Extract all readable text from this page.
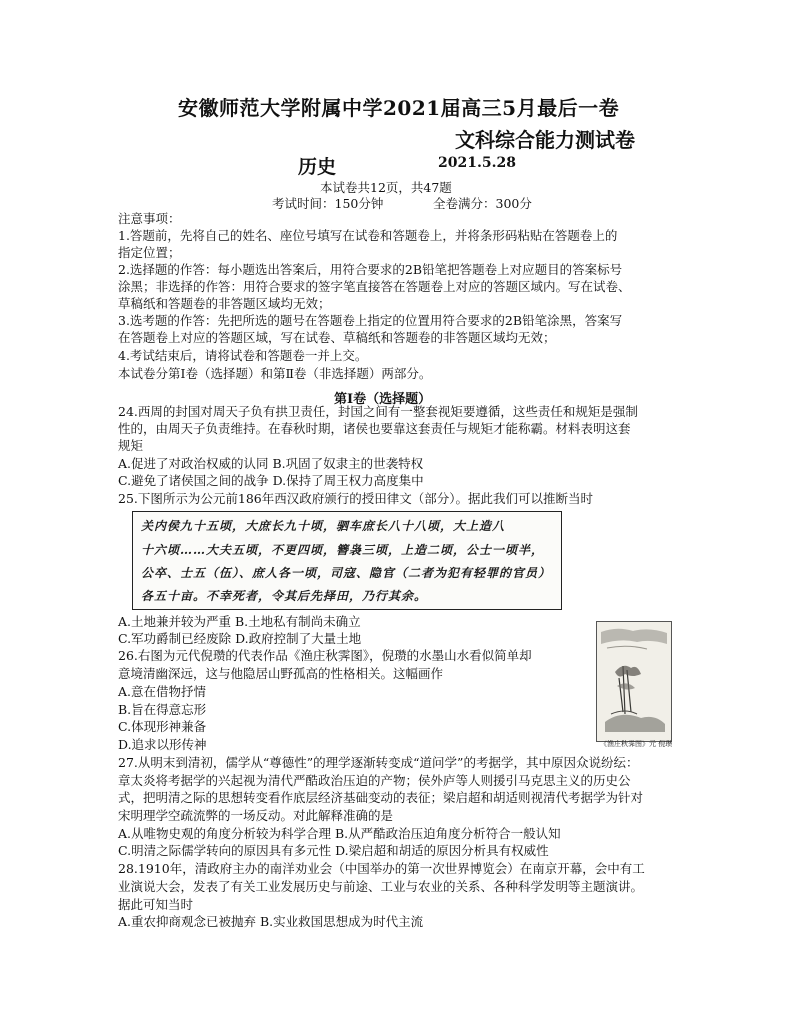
安徽师范大学附属中学2021届高三5月最后一卷
文科综合能力测试卷
历史	2021.5.28
本试卷共12页，共47题
考试时间：150分钟	全卷满分：300分
注意事项：
1.答题前，先将自己的姓名、座位号填写在试卷和答题卷上，并将条形码粘贴在答题卷上的
指定位置；
2.选择题的作答：每小题选出答案后，用符合要求的2B铅笔把答题卷上对应题目的答案标号
涂黑；非选择的作答：用符合要求的签字笔直接答在答题卷上对应的答题区域内。写在试卷、
草稿纸和答题卷的非答题区域均无效；
3.选考题的作答：先把所选的题号在答题卷上指定的位置用符合要求的2B铅笔涂黑，答案写
在答题卷上对应的答题区域，写在试卷、草稿纸和答题卷的非答题区域均无效；
4.考试结束后，请将试卷和答题卷一并上交。
本试卷分第Ⅰ卷（选择题）和第Ⅱ卷（非选择题）两部分。
第Ⅰ卷（选择题）
24.西周的封国对周天子负有拱卫责任，封国之间有一整套视矩要遵循，这些责任和规矩是强制
性的，由周天子负责维持。在春秋时期，诸侯也要靠这套责任与规矩才能称霸。材料表明这套
规矩
A.促进了对政治权威的认同 B.巩固了奴隶主的世袭特权
C.避免了诸侯国之间的战争 D.保持了周王权力高度集中
25.下图所示为公元前186年西汉政府颁行的授田律文（部分）。据此我们可以推断当时
关内侯九十五顷，大庶长九十顷，驷车庶长八十八顷，大上造八
十六顷……大夫五顷，不更四顷，簪袅三顷，上造二顷，公士一顷半，
公卒、士五（伍）、庶人各一顷，司寇、隐官（二者为犯有轻罪的官员）
各五十亩。不幸死者，令其后先择田，乃行其余。
A.土地兼并较为严重 B.土地私有制尚未确立
C.军功爵制已经废除 D.政府控制了大量土地
26.右图为元代倪瓒的代表作品《渔庄秋霁图》，倪瓒的水墨山水看似简单却
意境清幽深远，这与他隐居山野孤高的性格相关。这幅画作
A.意在借物抒情
B.旨在得意忘形
C.体现形神兼备
D.追求以形传神	《渔庄秋霁图》元 倪瓒
27.从明末到清初，儒学从“尊德性”的理学逐渐转变成“道问学”的考据学，其中原因众说纷纭：
章太炎将考据学的兴起视为清代严酷政治压迫的产物；侯外庐等人则援引马克思主义的历史公
式，把明清之际的思想转变看作底层经济基础变动的表征；梁启超和胡适则视清代考据学为针对
宋明理学空疏流弊的一场反动。对此解释准确的是
A.从唯物史观的角度分析较为科学合理 B.从严酷政治压迫角度分析符合一般认知
C.明清之际儒学转向的原因具有多元性 D.梁启超和胡适的原因分析具有权威性
28.1910年，清政府主办的南洋劝业会（中国举办的第一次世界博览会）在南京开幕，会中有工
业演说大会，发表了有关工业发展历史与前途、工业与农业的关系、各种科学发明等主题演讲。
据此可知当时
A.重农抑商观念已被抛弃 B.实业救国思想成为时代主流
